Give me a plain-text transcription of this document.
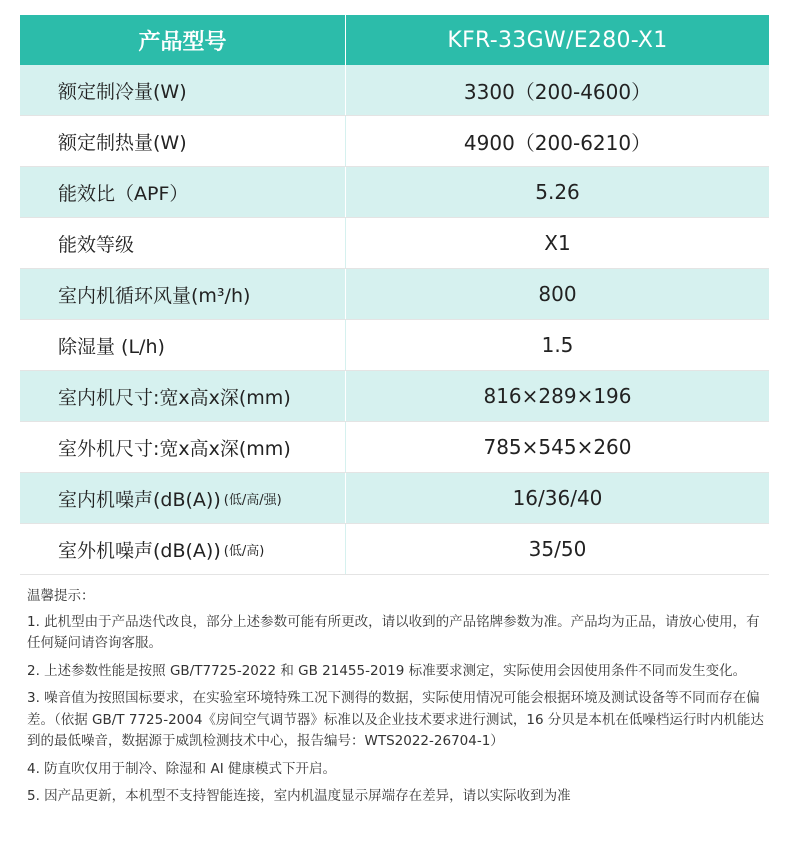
产品型号	KFR-33GW/E280-X1
额定制冷量(W)	3300（200-4600）
额定制热量(W)	4900（200-6210）
能效比（APF）	5.26
能效等级	X1
室内机循环风量(m³/h)	800
除湿量 (L/h)	1.5
室内机尺寸:宽x高x深(mm)	816×289×196
室外机尺寸:宽x高x深(mm)	785×545×260
室内机噪声(dB(A)) (低/高/强)	16/36/40
室外机噪声(dB(A)) (低/高)	35/50
温馨提示：
1. 此机型由于产品迭代改良，部分上述参数可能有所更改，请以收到的产品铭牌参数为准。产品均为正品，请放心使用，有任何疑问请咨询客服。
2. 上述参数性能是按照 GB/T7725-2022 和 GB 21455-2019 标准要求测定，实际使用会因使用条件不同而发生变化。
3. 噪音值为按照国标要求，在实验室环境特殊工况下测得的数据，实际使用情况可能会根据环境及测试设备等不同而存在偏差。（依据 GB/T 7725-2004《房间空气调节器》标准以及企业技术要求进行测试，16 分贝是本机在低噪档运行时内机能达到的最低噪音，数据源于威凯检测技术中心，报告编号：WTS2022-26704-1）
4. 防直吹仅用于制冷、除湿和 AI 健康模式下开启。
5. 因产品更新，本机型不支持智能连接，室内机温度显示屏端存在差异，请以实际收到为准
